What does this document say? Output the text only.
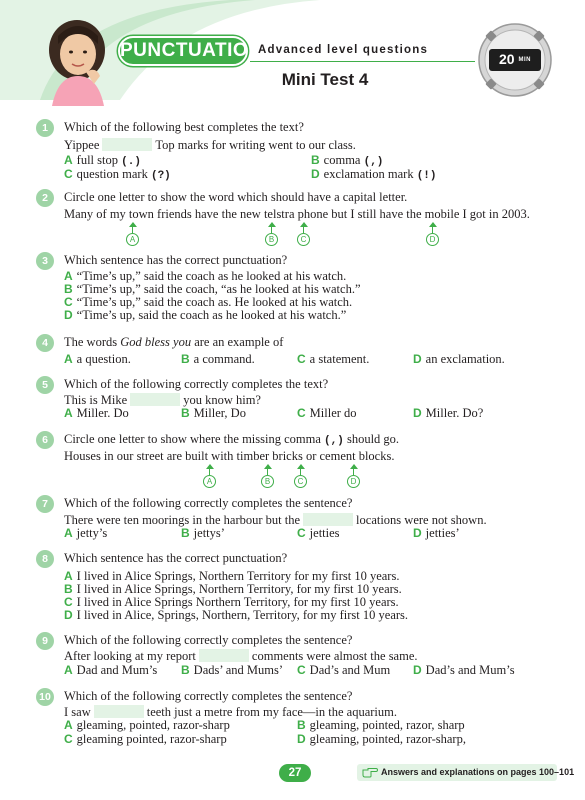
PUNCTUATION
Advanced level questions
Mini Test 4
20 MIN
1	Which of the following best completes the text?
Yippee	Top marks for writing went to our class.
A full stop (.)	B comma (,)
C question mark (?)	D exclamation mark (!)
2	Circle one letter to show the word which should have a capital letter.
Many of my town friends have the new telstra phone but I still have the mobile I got in 2003.
A	B	C	D
3	Which sentence has the correct punctuation?
A “Time’s up,” said the coach as he looked at his watch.
B “Time’s up,” said the coach, “as he looked at his watch.”
C “Time’s up,” said the coach as. He looked at his watch.
D “Time’s up, said the coach as he looked at his watch.”
4	The words God bless you are an example of
A a question.	B a command.	C a statement.	D an exclamation.
5	Which of the following correctly completes the text?
This is Mike	you know him?
A Miller. Do	B Miller, Do	C Miller do	D Miller. Do?
6	Circle one letter to show where the missing comma (,) should go.
Houses in our street are built with timber bricks or cement blocks.
A	B	C	D
7	Which of the following correctly completes the sentence?
There were ten moorings in the harbour but the	locations were not shown.
A jetty’s	B jettys’	C jetties	D jetties’
8	Which sentence has the correct punctuation?
A I lived in Alice Springs, Northern Territory for my first 10 years.
B I lived in Alice Springs, Northern Territory, for my first 10 years.
C I lived in Alice Springs Northern Territory, for my first 10 years.
D I lived in Alice, Springs, Northern, Territory, for my first 10 years.
9	Which of the following correctly completes the sentence?
After looking at my report	comments were almost the same.
A Dad and Mum’s B Dads’ and Mums’ C Dad’s and Mum D Dad’s and Mum’s
10 Which of the following correctly completes the sentence?
I saw	teeth just a metre from my face—in the aquarium.
A gleaming, pointed, razor-sharp	B gleaming, pointed, razor, sharp
C gleaming pointed, razor-sharp	D gleaming, pointed, razor-sharp,
27	Answers and explanations on pages 100–101
